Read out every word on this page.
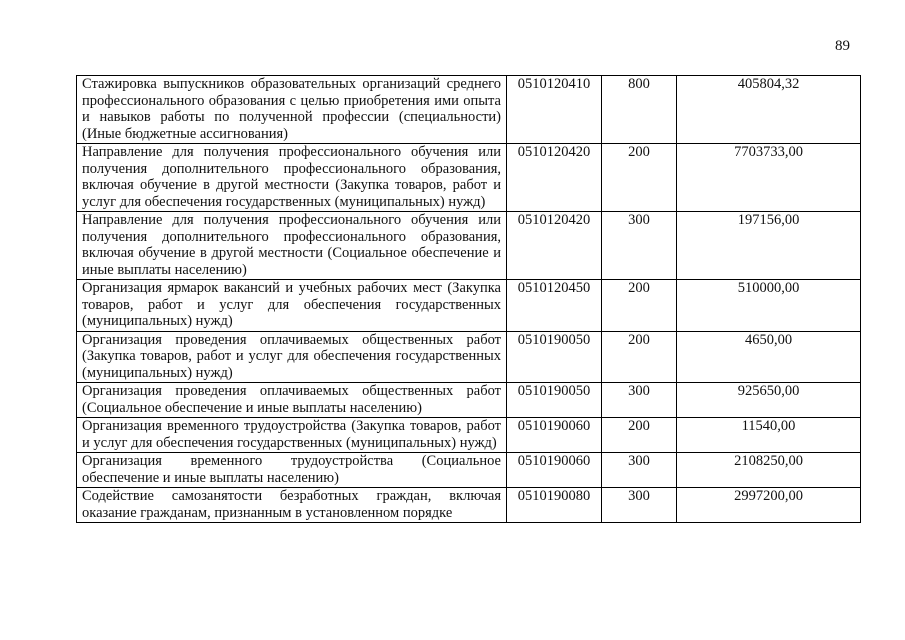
89
Стажировка выпускников образовательных организаций среднего профессионального образования с целью приобретения ими опыта и навыков работы по полученной профессии (специальности) (Иные бюджетные ассигнования)	0510120410	800	405804,32
Направление для получения профессионального обучения или получения дополнительного профессионального образования, включая обучение в другой местности (Закупка товаров, работ и услуг для обеспечения государственных (муниципальных) нужд)	0510120420	200	7703733,00
Направление для получения профессионального обучения или получения дополнительного профессионального образования, включая обучение в другой местности (Социальное обеспечение и иные выплаты населению)	0510120420	300	197156,00
Организация ярмарок вакансий и учебных рабочих мест (Закупка товаров, работ и услуг для обеспечения государственных (муниципальных) нужд)	0510120450	200	510000,00
Организация проведения оплачиваемых общественных работ (Закупка товаров, работ и услуг для обеспечения государственных (муниципальных) нужд)	0510190050	200	4650,00
Организация проведения оплачиваемых общественных работ (Социальное обеспечение и иные выплаты населению)	0510190050	300	925650,00
Организация временного трудоустройства (Закупка товаров, работ и услуг для обеспечения государственных (муниципальных) нужд)	0510190060	200	11540,00
Организация временного трудоустройства (Социальное обеспечение и иные выплаты населению)	0510190060	300	2108250,00
Содействие самозанятости безработных граждан, включая оказание гражданам, признанным в установленном порядке	0510190080	300	2997200,00
